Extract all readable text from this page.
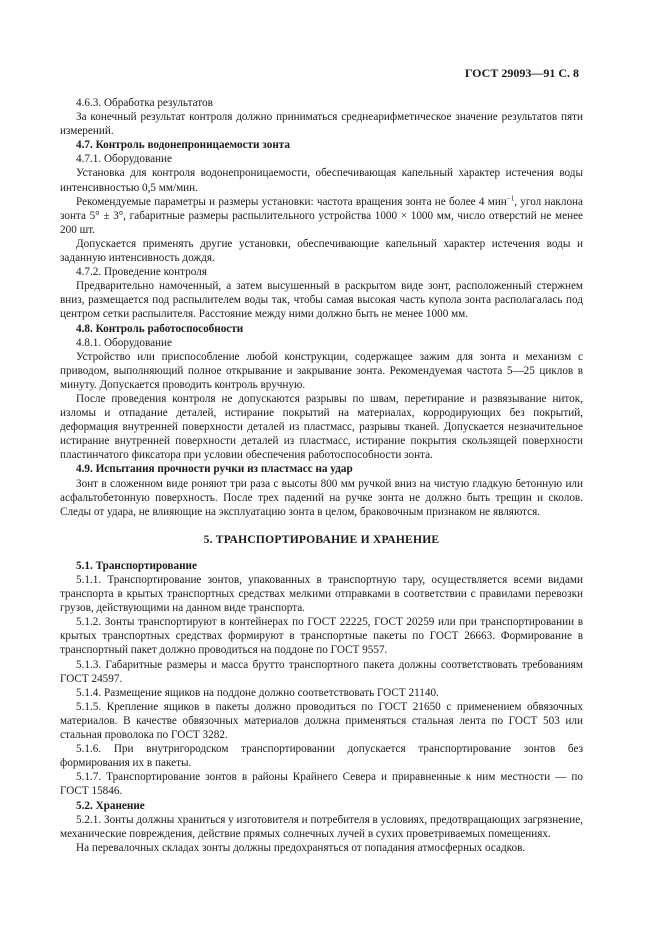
ГОСТ 29093—91 С. 8

4.6.3. Обработка результатов

За конечный результат контроля должно приниматься среднеарифметическое значение результатов пяти измерений.

4.7. Контроль водонепроницаемости зонта

4.7.1. Оборудование

Установка для контроля водонепроницаемости, обеспечивающая капельный характер истечения воды интенсивностью 0,5 мм/мин.

Рекомендуемые параметры и размеры установки: частота вращения зонта не более 4 мин$^{-1}$, угол наклона зонта 5° ± 3°, габаритные размеры распылительного устройства 1000 × 1000 мм, число отверстий не менее 200 шт.

Допускается применять другие установки, обеспечивающие капельный характер истечения воды и заданную интенсивность дождя.

4.7.2. Проведение контроля

Предварительно намоченный, а затем высушенный в раскрытом виде зонт, расположенный стержнем вниз, размещается под распылителем воды так, чтобы самая высокая часть купола зонта располагалась под центром сетки распылителя. Расстояние между ними должно быть не менее 1000 мм.

4.8. Контроль работоспособности

4.8.1. Оборудование

Устройство или приспособление любой конструкции, содержащее зажим для зонта и механизм с приводом, выполняющий полное открывание и закрывание зонта. Рекомендуемая частота 5—25 циклов в минуту. Допускается проводить контроль вручную.

После проведения контроля не допускаются разрывы по швам, перетирание и развязывание ниток, изломы и отпадание деталей, истирание покрытий на материалах, корродирующих без покрытий, деформация внутренней поверхности деталей из пластмасс, разрывы тканей. Допускается незначительное истирание внутренней поверхности деталей из пластмасс, истирание покрытия скользящей поверхности пластинчатого фиксатора при условии обеспечения работоспособности зонта.

4.9. Испытания прочности ручки из пластмасс на удар

Зонт в сложенном виде роняют три раза с высоты 800 мм ручкой вниз на чистую гладкую бетонную или асфальтобетонную поверхность. После трех падений на ручке зонта не должно быть трещин и сколов. Следы от удара, не влияющие на эксплуатацию зонта в целом, браковочным признаком не являются.

5. ТРАНСПОРТИРОВАНИЕ И ХРАНЕНИЕ

5.1. Транспортирование

5.1.1. Транспортирование зонтов, упакованных в транспортную тару, осуществляется всеми видами транспорта в крытых транспортных средствах мелкими отправками в соответствии с правилами перевозки грузов, действующими на данном виде транспорта.

5.1.2. Зонты транспортируют в контейнерах по ГОСТ 22225, ГОСТ 20259 или при транспортировании в крытых транспортных средствах формируют в транспортные пакеты по ГОСТ 26663. Формирование в транспортный пакет должно проводиться на поддоне по ГОСТ 9557.

5.1.3. Габаритные размеры и масса брутто транспортного пакета должны соответствовать требованиям ГОСТ 24597.

5.1.4. Размещение ящиков на поддоне должно соответствовать ГОСТ 21140.

5.1.5. Крепление ящиков в пакеты должно проводиться по ГОСТ 21650 с применением обвязочных материалов. В качестве обвязочных материалов должна применяться стальная лента по ГОСТ 503 или стальная проволока по ГОСТ 3282.

5.1.6. При внутригородском транспортировании допускается транспортирование зонтов без формирования их в пакеты.

5.1.7. Транспортирование зонтов в районы Крайнего Севера и приравненные к ним местности — по ГОСТ 15846.

5.2. Хранение

5.2.1. Зонты должны храниться у изготовителя и потребителя в условиях, предотвращающих загрязнение, механические повреждения, действие прямых солнечных лучей в сухих проветриваемых помещениях.

На перевалочных складах зонты должны предохраняться от попадания атмосферных осадков.
